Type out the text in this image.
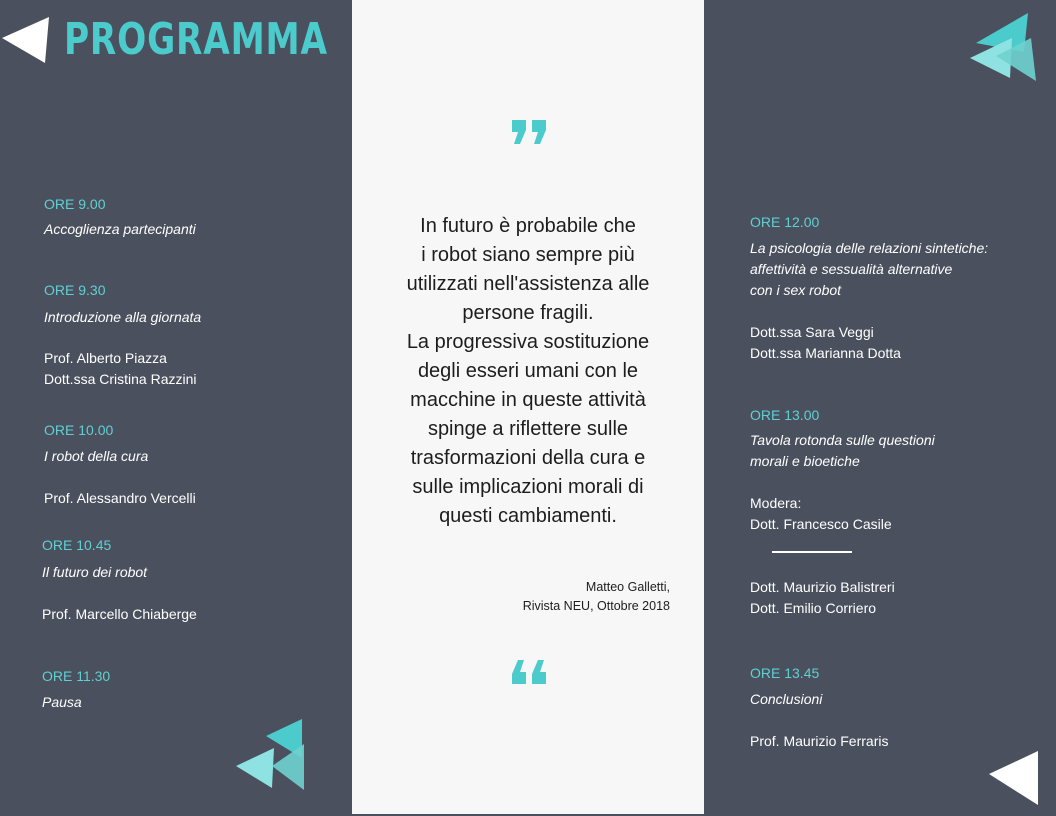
PROGRAMMA
ORE 9.00
Accoglienza partecipanti
ORE 9.30
Introduzione alla giornata
Prof. Alberto Piazza
Dott.ssa Cristina Razzini
ORE 10.00
I robot della cura
Prof. Alessandro Vercelli
ORE 10.45
Il futuro dei robot
Prof. Marcello Chiaberge
ORE 11.30
Pausa
In futuro è probabile che
i robot siano sempre più
utilizzati nell'assistenza alle
persone fragili.
La progressiva sostituzione
degli esseri umani con le
macchine in queste attività
spinge a riflettere sulle
trasformazioni della cura e
sulle implicazioni morali di
questi cambiamenti.
Matteo Galletti,
Rivista NEU, Ottobre 2018
ORE 12.00
La psicologia delle relazioni sintetiche:
affettività e sessualità alternative
con i sex robot
Dott.ssa Sara Veggi
Dott.ssa Marianna Dotta
ORE 13.00
Tavola rotonda sulle questioni
morali e bioetiche
Modera:
Dott. Francesco Casile
Dott. Maurizio Balistreri
Dott. Emilio Corriero
ORE 13.45
Conclusioni
Prof. Maurizio Ferraris
